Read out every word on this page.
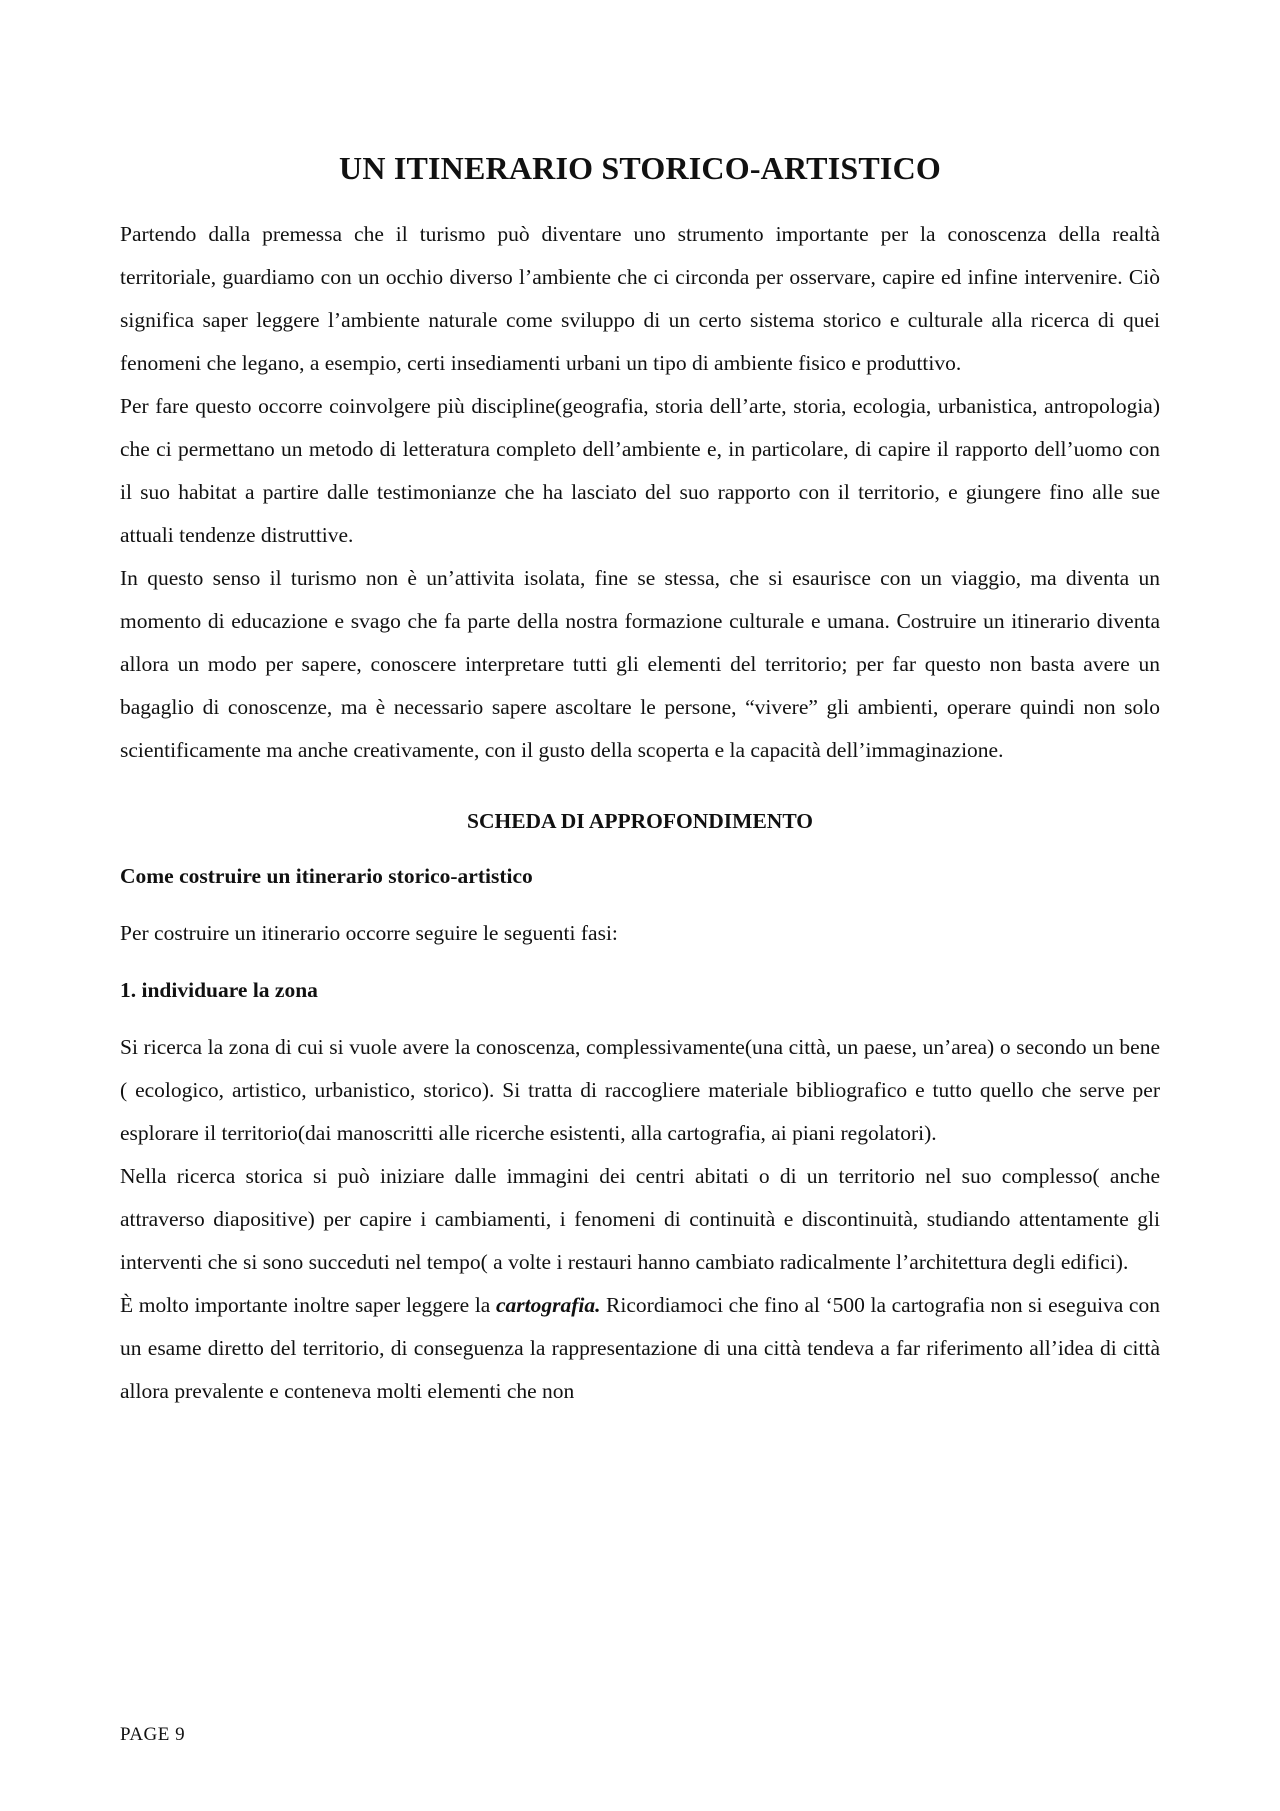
UN ITINERARIO STORICO-ARTISTICO

Partendo dalla premessa che il turismo può diventare uno strumento importante per la conoscenza della realtà territoriale, guardiamo con un occhio diverso l’ambiente che ci circonda per osservare, capire ed infine intervenire. Ciò significa saper leggere l’ambiente naturale come sviluppo di un certo sistema storico e culturale alla ricerca di quei fenomeni che legano, a esempio, certi insediamenti urbani un tipo di ambiente fisico e produttivo.

Per fare questo occorre coinvolgere più discipline(geografia, storia dell’arte, storia, ecologia, urbanistica, antropologia) che ci permettano un metodo di letteratura completo dell’ambiente e, in particolare, di capire il rapporto dell’uomo con il suo habitat a partire dalle testimonianze che ha lasciato del suo rapporto con il territorio, e giungere fino alle sue attuali tendenze distruttive.

In questo senso il turismo non è un’attivita isolata, fine se stessa, che si esaurisce con un viaggio, ma diventa un momento di educazione e svago che fa parte della nostra formazione culturale e umana. Costruire un itinerario diventa allora un modo per sapere, conoscere interpretare tutti gli elementi del territorio; per far questo non basta avere un bagaglio di conoscenze, ma è necessario sapere ascoltare le persone, “vivere” gli ambienti, operare quindi non solo scientificamente ma anche creativamente, con il gusto della scoperta e la capacità dell’immaginazione.

SCHEDA DI APPROFONDIMENTO
Come costruire un itinerario storico-artistico

Per costruire un itinerario occorre seguire le seguenti fasi:

1. individuare la zona

Si ricerca la zona di cui si vuole avere la conoscenza, complessivamente(una città, un paese, un’area) o secondo un bene ( ecologico, artistico, urbanistico, storico). Si tratta di raccogliere materiale bibliografico e tutto quello che serve per esplorare il territorio(dai manoscritti alle ricerche esistenti, alla cartografia, ai piani regolatori).

Nella ricerca storica si può iniziare dalle immagini dei centri abitati o di un territorio nel suo complesso( anche attraverso diapositive) per capire i cambiamenti, i fenomeni di continuità e discontinuità, studiando attentamente gli interventi che si sono succeduti nel tempo( a volte i restauri hanno cambiato radicalmente l’architettura degli edifici).

È molto importante inoltre saper leggere la cartografia. Ricordiamoci che fino al ‘500 la cartografia non si eseguiva con un esame diretto del territorio, di conseguenza la rappresentazione di una città tendeva a far riferimento all’idea di città allora prevalente e conteneva molti elementi che non

PAGE 9
